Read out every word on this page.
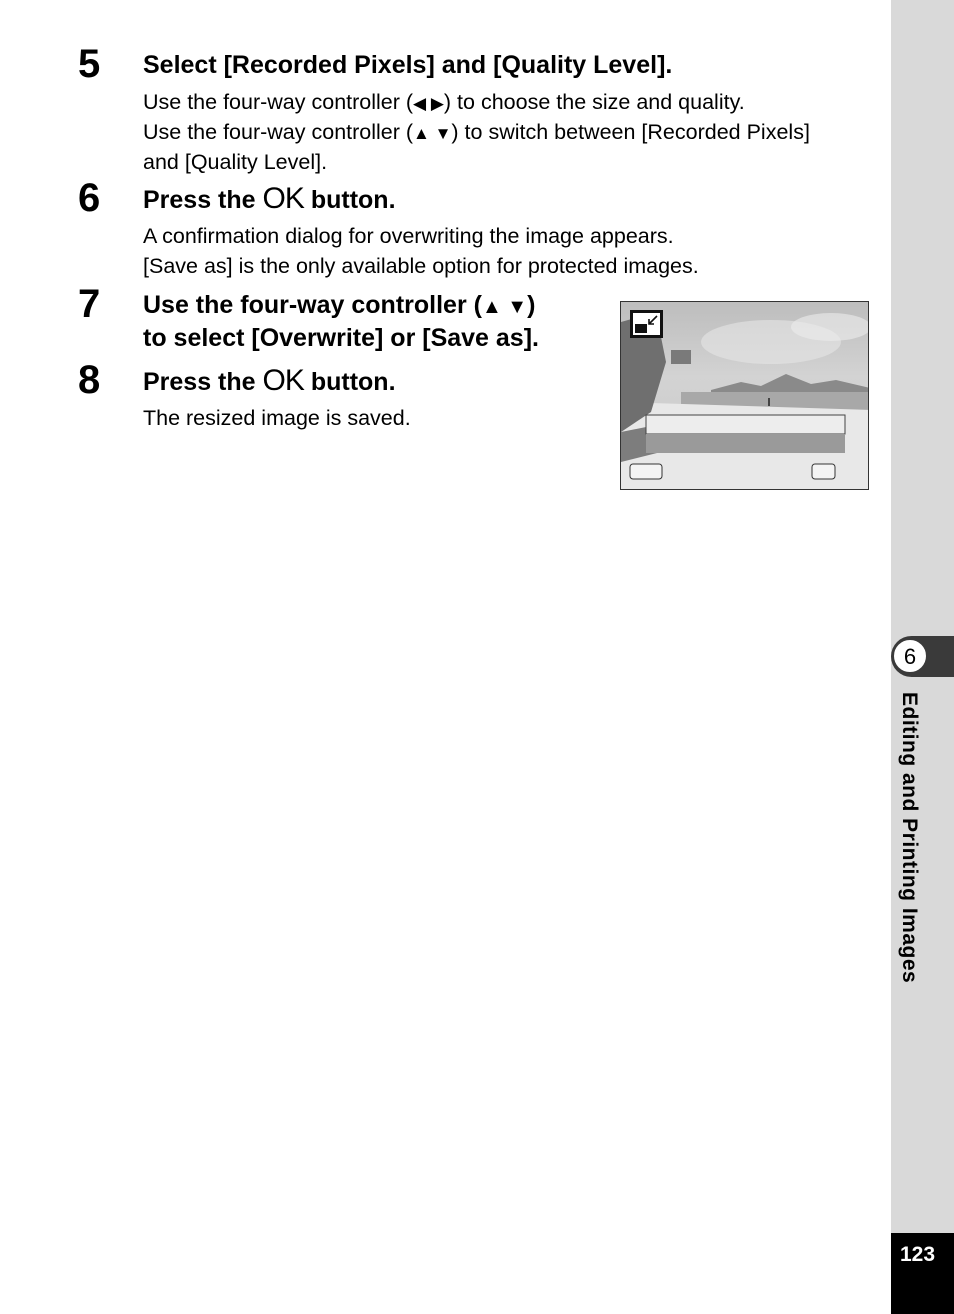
5 Select [Recorded Pixels] and [Quality Level].
Use the four-way controller (◀ ▶) to choose the size and quality.
Use the four-way controller (▲ ▼) to switch between [Recorded Pixels]
and [Quality Level].
6 Press the OK button.
A confirmation dialog for overwriting the image appears.
[Save as] is the only available option for protected images.
7 Use the four-way controller (▲ ▼)
to select [Overwrite] or [Save as].
8 Press the OK button.
The resized image is saved.
6
Editing and Printing Images
123
